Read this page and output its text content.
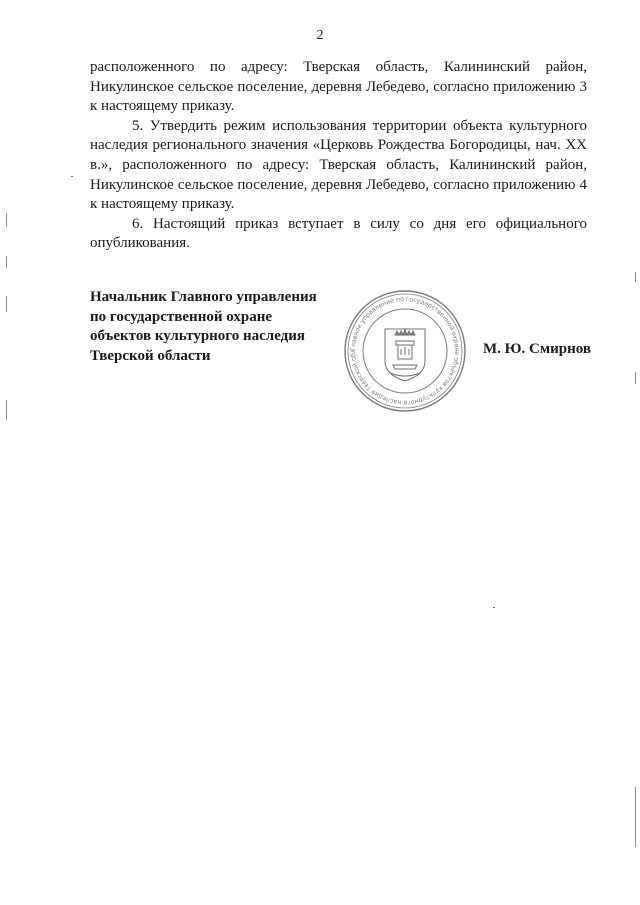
2

расположенного по адресу: Тверская область, Калининский район, Никулинское сельское поселение, деревня Лебедево, согласно приложению 3 к настоящему приказу.

5. Утвердить режим использования территории объекта культурного наследия регионального значения «Церковь Рождества Богородицы, нач. XX в.», расположенного по адресу: Тверская область, Калининский район, Никулинское сельское поселение, деревня Лебедево, согласно приложению 4 к настоящему приказу.

6. Настоящий приказ вступает в силу со дня его официального опубликования.

Начальник Главного управления
по государственной охране
объектов культурного наследия
Тверской области	Главное управление по государственной охране объектов культурного наследия Тверской обл	М. Ю. Смирнов
